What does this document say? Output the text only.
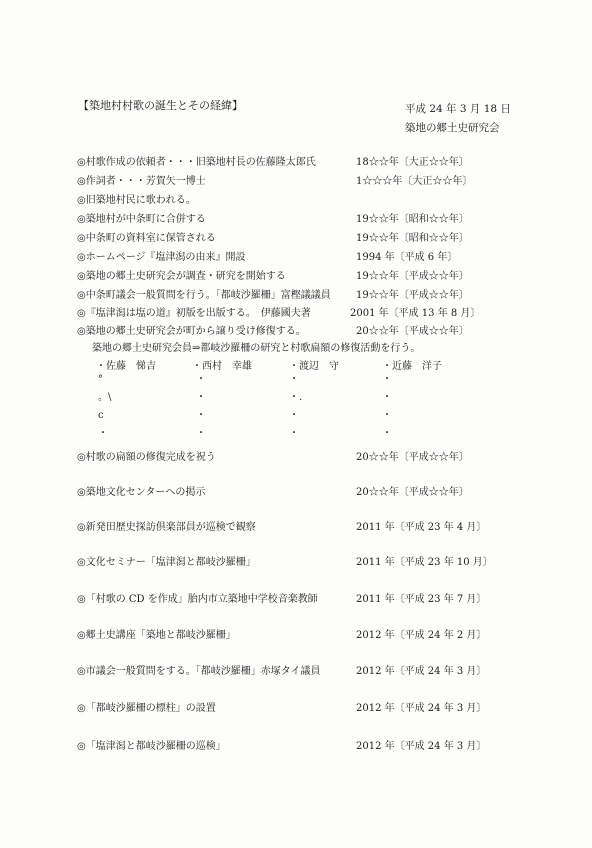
【築地村村歌の誕生とその経緯】	平成 24 年 3 月 18 日
築地の郷土史研究会
◎村歌作成の依頼者・・・旧築地村長の佐藤隆太郎氏	18☆☆年〔大正☆☆年〕
◎作詞者・・・芳賀矢一博士	1☆☆☆年〔大正☆☆年〕
◎旧築地村民に歌われる。
◎築地村が中条町に合併する	19☆☆年〔昭和☆☆年〕
◎中条町の資料室に保管される	19☆☆年〔昭和☆☆年〕
◎ホームページ『塩津潟の由来』開設	1994 年〔平成 6 年〕
◎築地の郷土史研究会が調査・研究を開始する	19☆☆年〔平成☆☆年〕
◎中条町議会一般質問を行う。「都岐沙羅柵」富樫議議員	19☆☆年〔平成☆☆年〕
◎『塩津潟は塩の道』初版を出版する。　伊藤國夫著	2001 年〔平成 13 年 8 月〕
◎築地の郷土史研究会が町から譲り受け修復する。	20☆☆年〔平成☆☆年〕
築地の郷土史研究会員⇒都岐沙羅柵の研究と村歌扁額の修復活動を行う。
・佐藤　悌吉	・西村　幸雄	・渡辺　守	・近藤　洋子
°	・	・	・
。\	・	・.	・
c	・	・	・
・	・	・	・
◎村歌の扁額の修復完成を祝う	20☆☆年〔平成☆☆年〕
◎築地文化センターへの掲示	20☆☆年〔平成☆☆年〕
◎新発田歴史探訪倶楽部員が巡検で観察	2011 年〔平成 23 年 4 月〕
◎文化セミナー「塩津潟と都岐沙羅柵」	2011 年〔平成 23 年 10 月〕
◎「村歌の CD を作成」胎内市立築地中学校音楽教師	2011 年〔平成 23 年 7 月〕
◎郷土史講座「築地と都岐沙羅柵」	2012 年〔平成 24 年 2 月〕
◎市議会一般質問をする。「都岐沙羅柵」赤塚タイ議員	2012 年〔平成 24 年 3 月〕
◎「都岐沙羅柵の標柱」の設置	2012 年〔平成 24 年 3 月〕
◎「塩津潟と都岐沙羅柵の巡検」	2012 年〔平成 24 年 3 月〕
